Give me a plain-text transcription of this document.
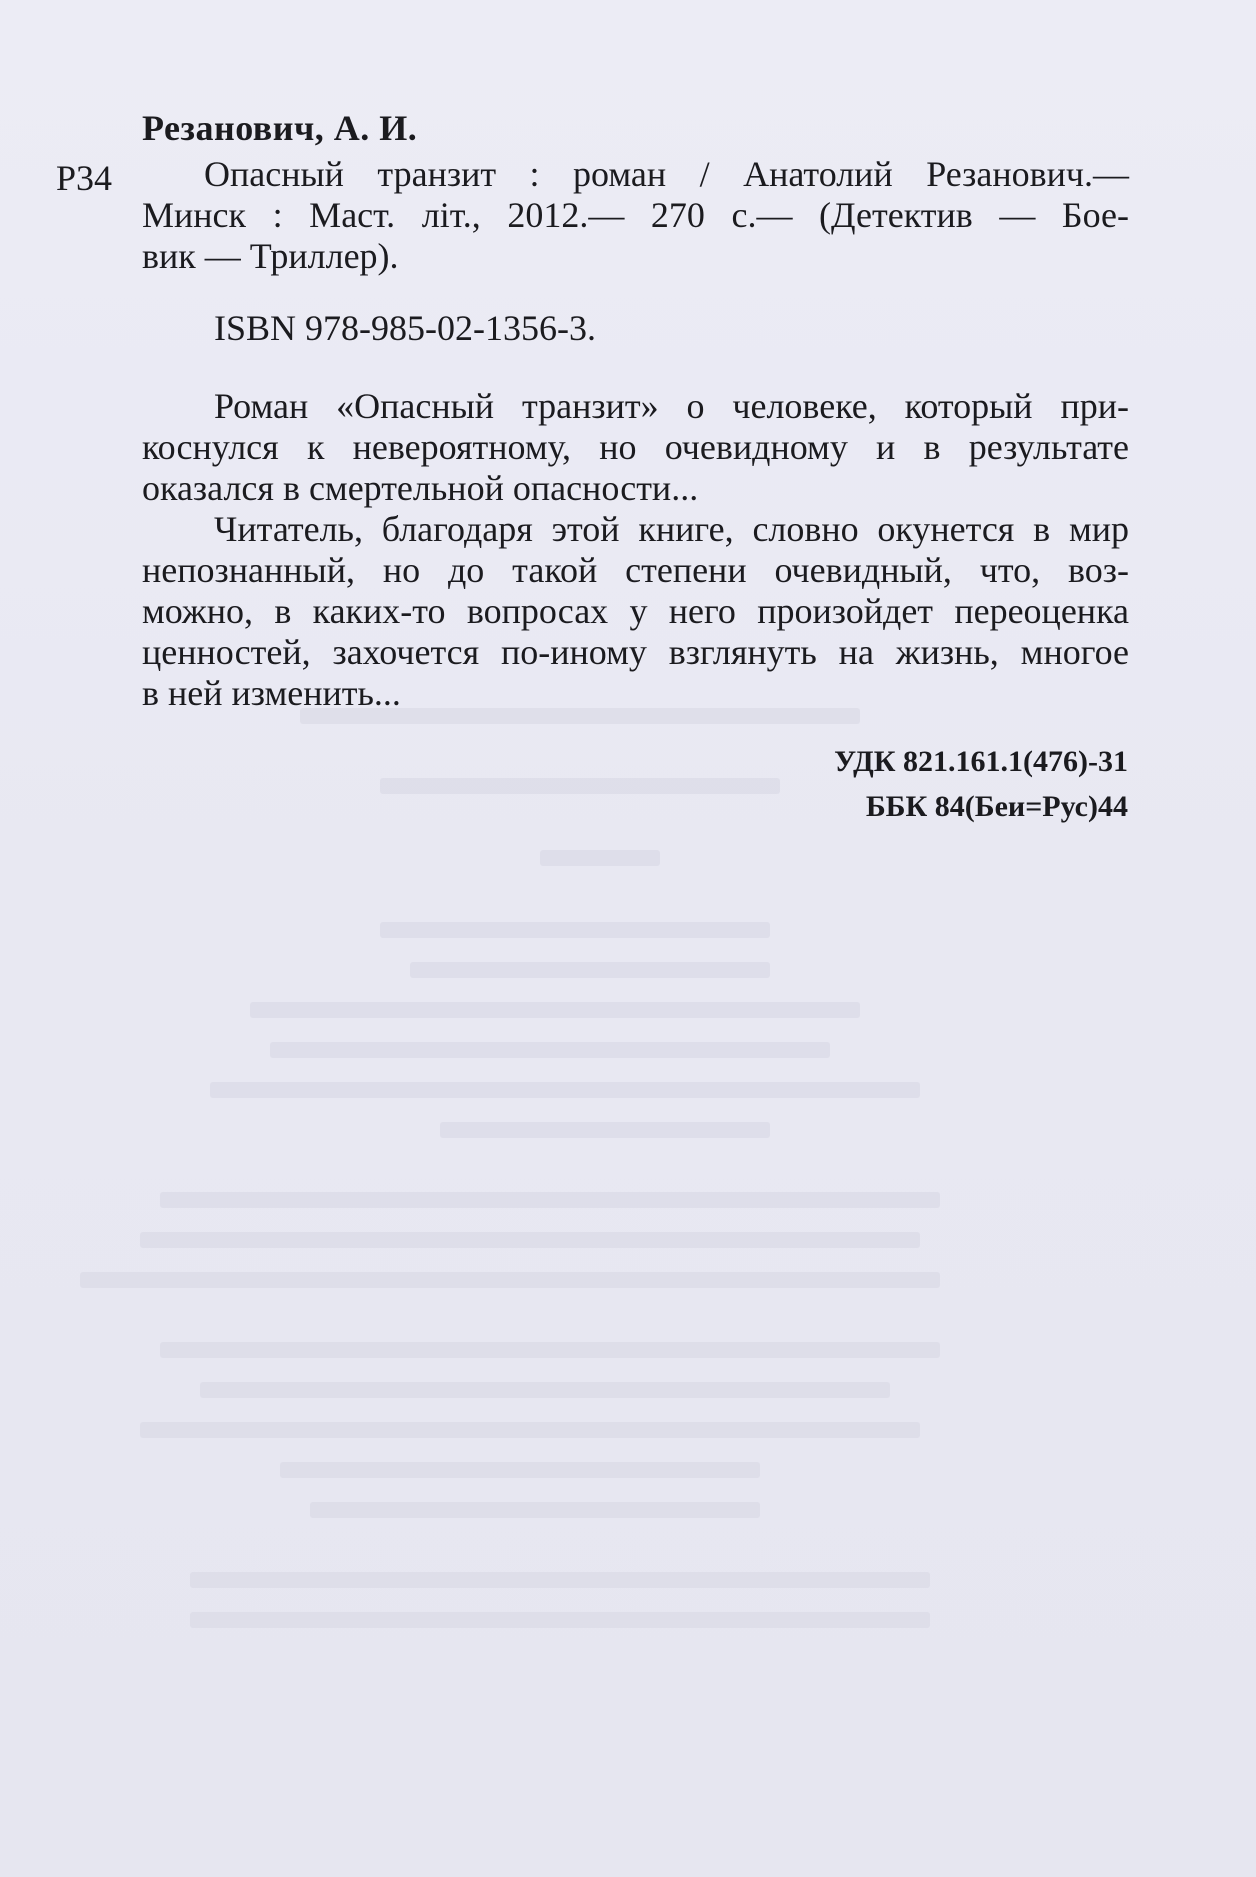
Резанович, А. И.
Р34	Опасный транзит : роман / Анатолий Резанович.—
Минск : Маст. лiт., 2012.— 270 с.— (Детектив — Бое-
вик — Триллер).
ISBN 978-985-02-1356-3.
Роман «Опасный транзит» о человеке, который при-
коснулся к невероятному, но очевидному и в результате
оказался в смертельной опасности...
Читатель, благодаря этой книге, словно окунется в мир
непознанный, но до такой степени очевидный, что, воз-
можно, в каких-то вопросах у него произойдет переоценка
ценностей, захочется по-иному взглянуть на жизнь, многое
в ней изменить...
УДК 821.161.1(476)-31
ББК 84(Беи=Рус)44
